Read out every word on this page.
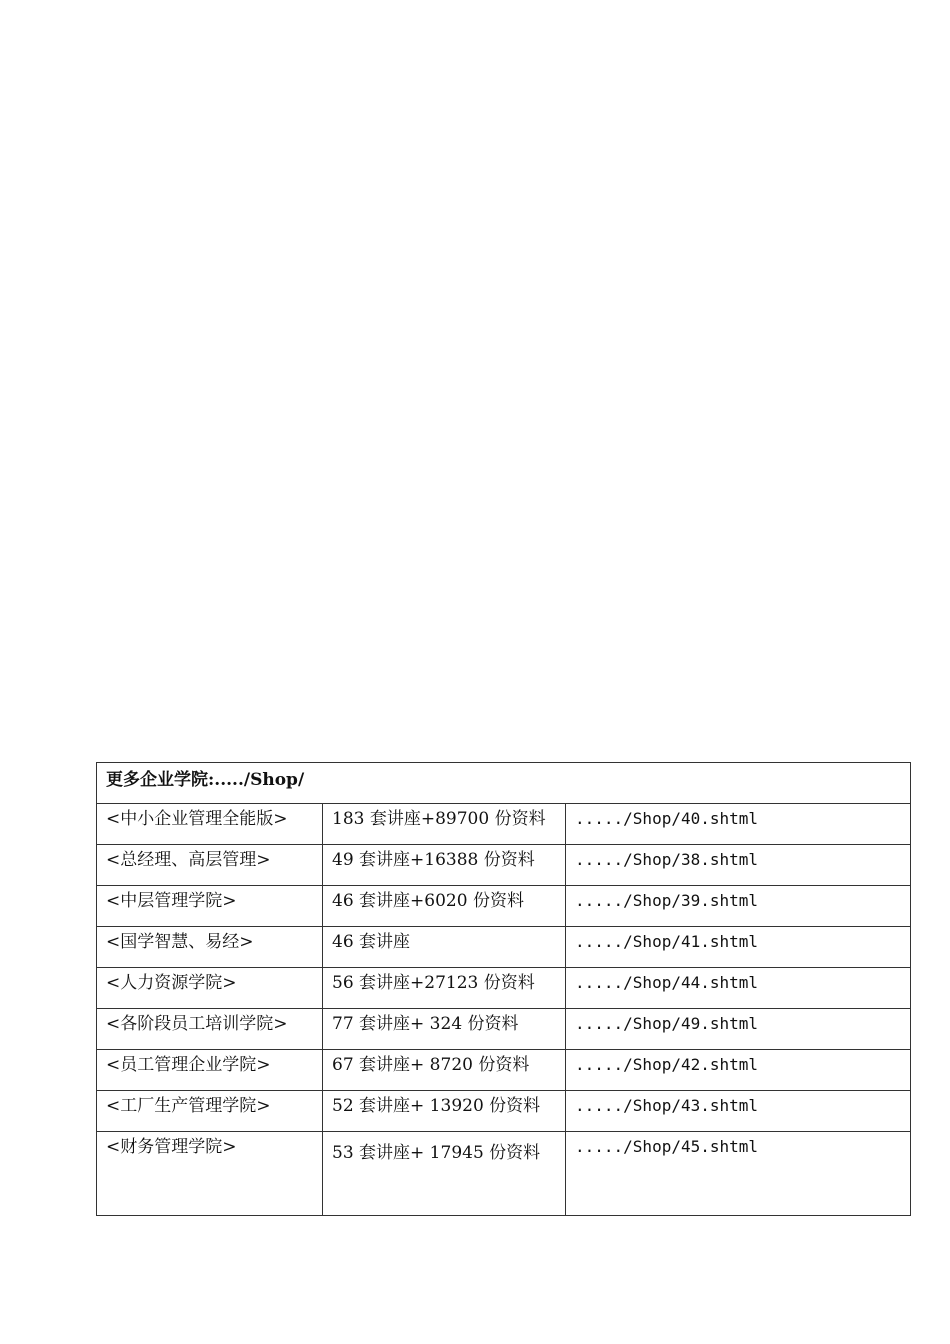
更多企业学院:...../Shop/		
<中小企业管理全能版>	183 套讲座+89700 份资料	...../Shop/40.shtml
<总经理、高层管理>	49 套讲座+16388 份资料	...../Shop/38.shtml
<中层管理学院>	46 套讲座+6020 份资料	...../Shop/39.shtml
<国学智慧、易经>	46 套讲座	...../Shop/41.shtml
<人力资源学院>	56 套讲座+27123 份资料	...../Shop/44.shtml
<各阶段员工培训学院>	77 套讲座+ 324 份资料	...../Shop/49.shtml
<员工管理企业学院>	67 套讲座+ 8720 份资料	...../Shop/42.shtml
<工厂生产管理学院>	52 套讲座+ 13920 份资料	...../Shop/43.shtml
<财务管理学院>	53 套讲座+ 17945 份资料	...../Shop/45.shtml
